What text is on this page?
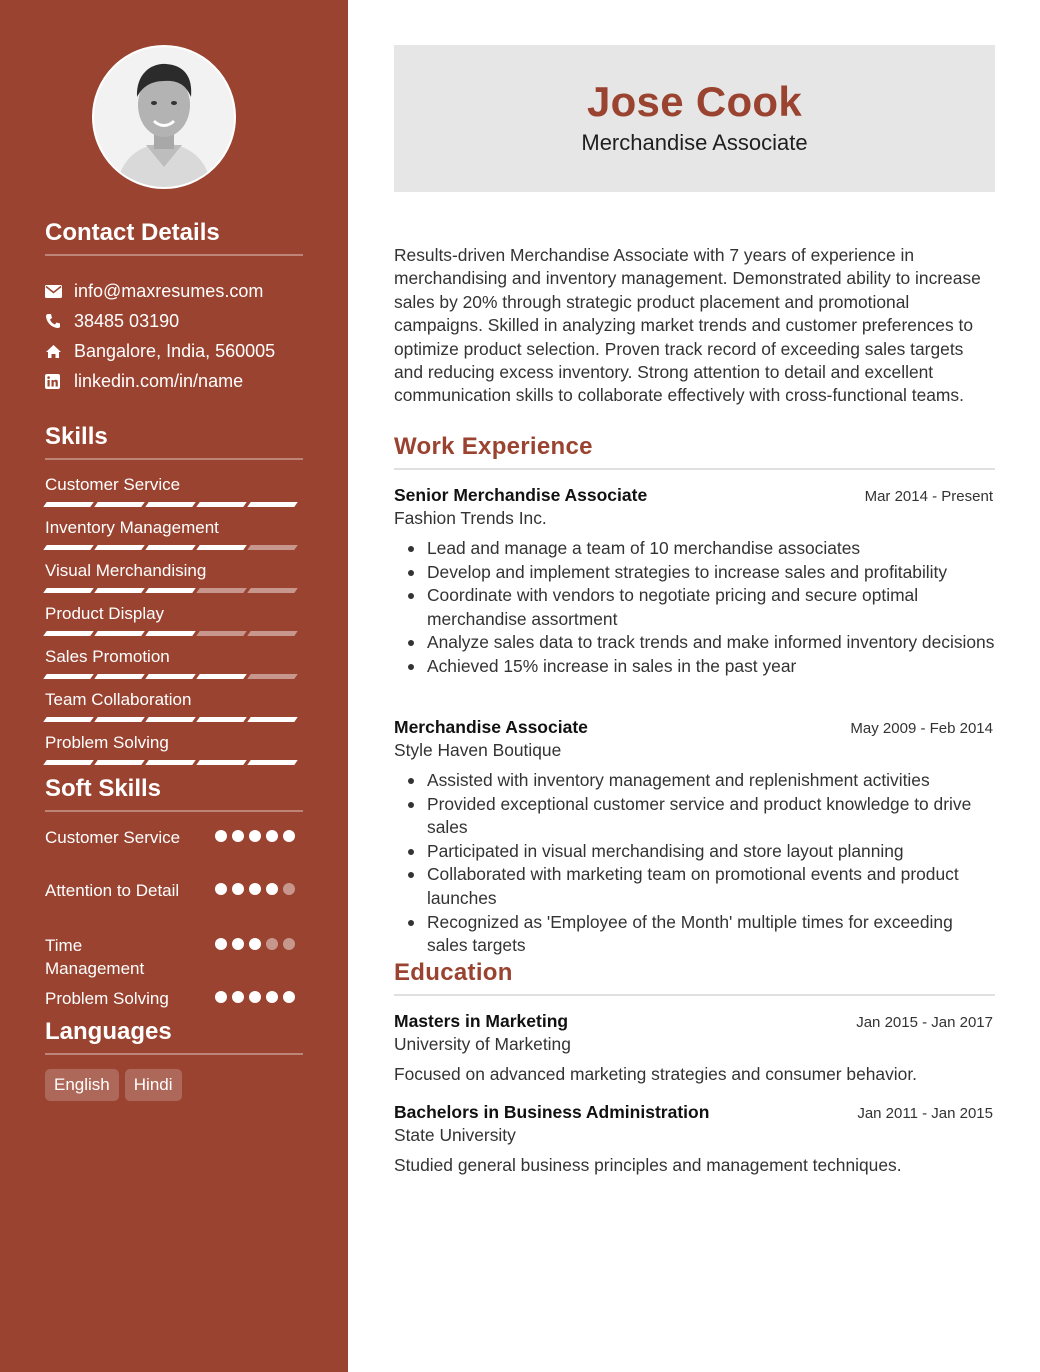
Contact Details
info@maxresumes.com
38485 03190
Bangalore, India, 560005
linkedin.com/in/name
Skills
Customer Service
Inventory Management
Visual Merchandising
Product Display
Sales Promotion
Team Collaboration
Problem Solving
Soft Skills
Customer Service
Attention to Detail
Time Management
Problem Solving
Languages
English	Hindi
Jose Cook
Merchandise Associate

Results-driven Merchandise Associate with 7 years of experience in merchandising and inventory management. Demonstrated ability to increase sales by 20% through strategic product placement and promotional campaigns. Skilled in analyzing market trends and customer preferences to optimize product selection. Proven track record of exceeding sales targets and reducing excess inventory. Strong attention to detail and excellent communication skills to collaborate effectively with cross-functional teams.

Work Experience
Senior Merchandise Associate	Mar 2014 - Present
Fashion Trends Inc.
Lead and manage a team of 10 merchandise associates
Develop and implement strategies to increase sales and profitability
Coordinate with vendors to negotiate pricing and secure optimal merchandise assortment
Analyze sales data to track trends and make informed inventory decisions
Achieved 15% increase in sales in the past year
Merchandise Associate	May 2009 - Feb 2014
Style Haven Boutique
Assisted with inventory management and replenishment activities
Provided exceptional customer service and product knowledge to drive sales
Participated in visual merchandising and store layout planning
Collaborated with marketing team on promotional events and product launches
Recognized as 'Employee of the Month' multiple times for exceeding sales targets
Education
Masters in Marketing	Jan 2015 - Jan 2017
University of Marketing
Focused on advanced marketing strategies and consumer behavior.
Bachelors in Business Administration	Jan 2011 - Jan 2015
State University
Studied general business principles and management techniques.
